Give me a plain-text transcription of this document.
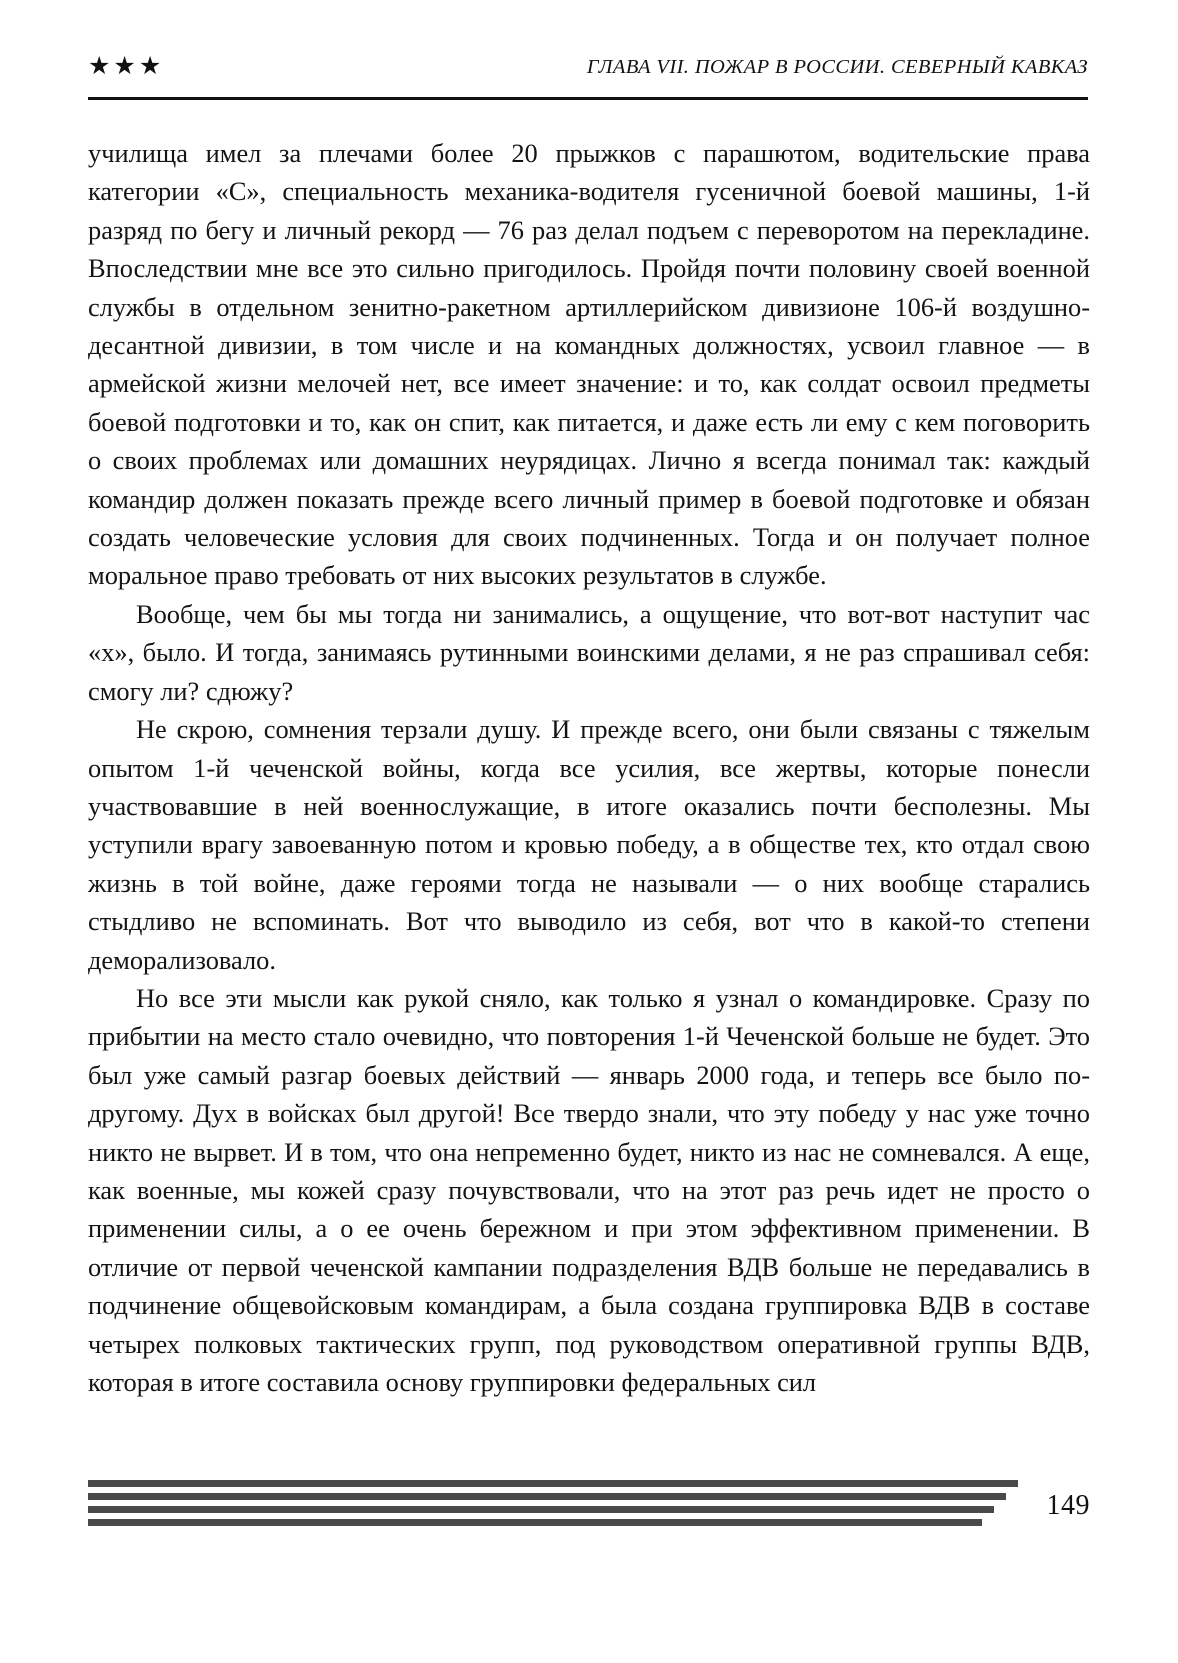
★★★	ГЛАВА VII. ПОЖАР В РОССИИ. СЕВЕРНЫЙ КАВКАЗ

училища имел за плечами более 20 прыжков с парашютом, водительские права категории «С», специальность механика-водителя гусеничной боевой машины, 1-й разряд по бегу и личный рекорд — 76 раз делал подъем с переворотом на перекладине. Впоследствии мне все это сильно пригодилось. Пройдя почти половину своей военной службы в отдельном зенитно-ракетном артиллерийском дивизионе 106-й воздушно-десантной дивизии, в том числе и на командных должностях, усвоил главное — в армейской жизни мелочей нет, все имеет значение: и то, как солдат освоил предметы боевой подготовки и то, как он спит, как питается, и даже есть ли ему с кем поговорить о своих проблемах или домашних неурядицах. Лично я всегда понимал так: каждый командир должен показать прежде всего личный пример в боевой подготовке и обязан создать человеческие условия для своих подчиненных. Тогда и он получает полное моральное право требовать от них высоких результатов в службе.

Вообще, чем бы мы тогда ни занимались, а ощущение, что вот-вот наступит час «х», было. И тогда, занимаясь рутинными воинскими делами, я не раз спрашивал себя: смогу ли? сдюжу?

Не скрою, сомнения терзали душу. И прежде всего, они были связаны с тяжелым опытом 1-й чеченской войны, когда все усилия, все жертвы, которые понесли участвовавшие в ней военнослужащие, в итоге оказались почти бесполезны. Мы уступили врагу завоеванную потом и кровью победу, а в обществе тех, кто отдал свою жизнь в той войне, даже героями тогда не называли — о них вообще старались стыдливо не вспоминать. Вот что выводило из себя, вот что в какой-то степени деморализовало.

Но все эти мысли как рукой сняло, как только я узнал о командировке. Сразу по прибытии на место стало очевидно, что повторения 1-й Чеченской больше не будет. Это был уже самый разгар боевых действий — январь 2000 года, и теперь все было по-другому. Дух в войсках был другой! Все твердо знали, что эту победу у нас уже точно никто не вырвет. И в том, что она непременно будет, никто из нас не сомневался. А еще, как военные, мы кожей сразу почувствовали, что на этот раз речь идет не просто о применении силы, а о ее очень бережном и при этом эффективном применении. В отличие от первой чеченской кампании подразделения ВДВ больше не передавались в подчинение общевойсковым командирам, а была создана группировка ВДВ в составе четырех полковых тактических групп, под руководством оперативной группы ВДВ, которая в итоге составила основу группировки федеральных сил

149
